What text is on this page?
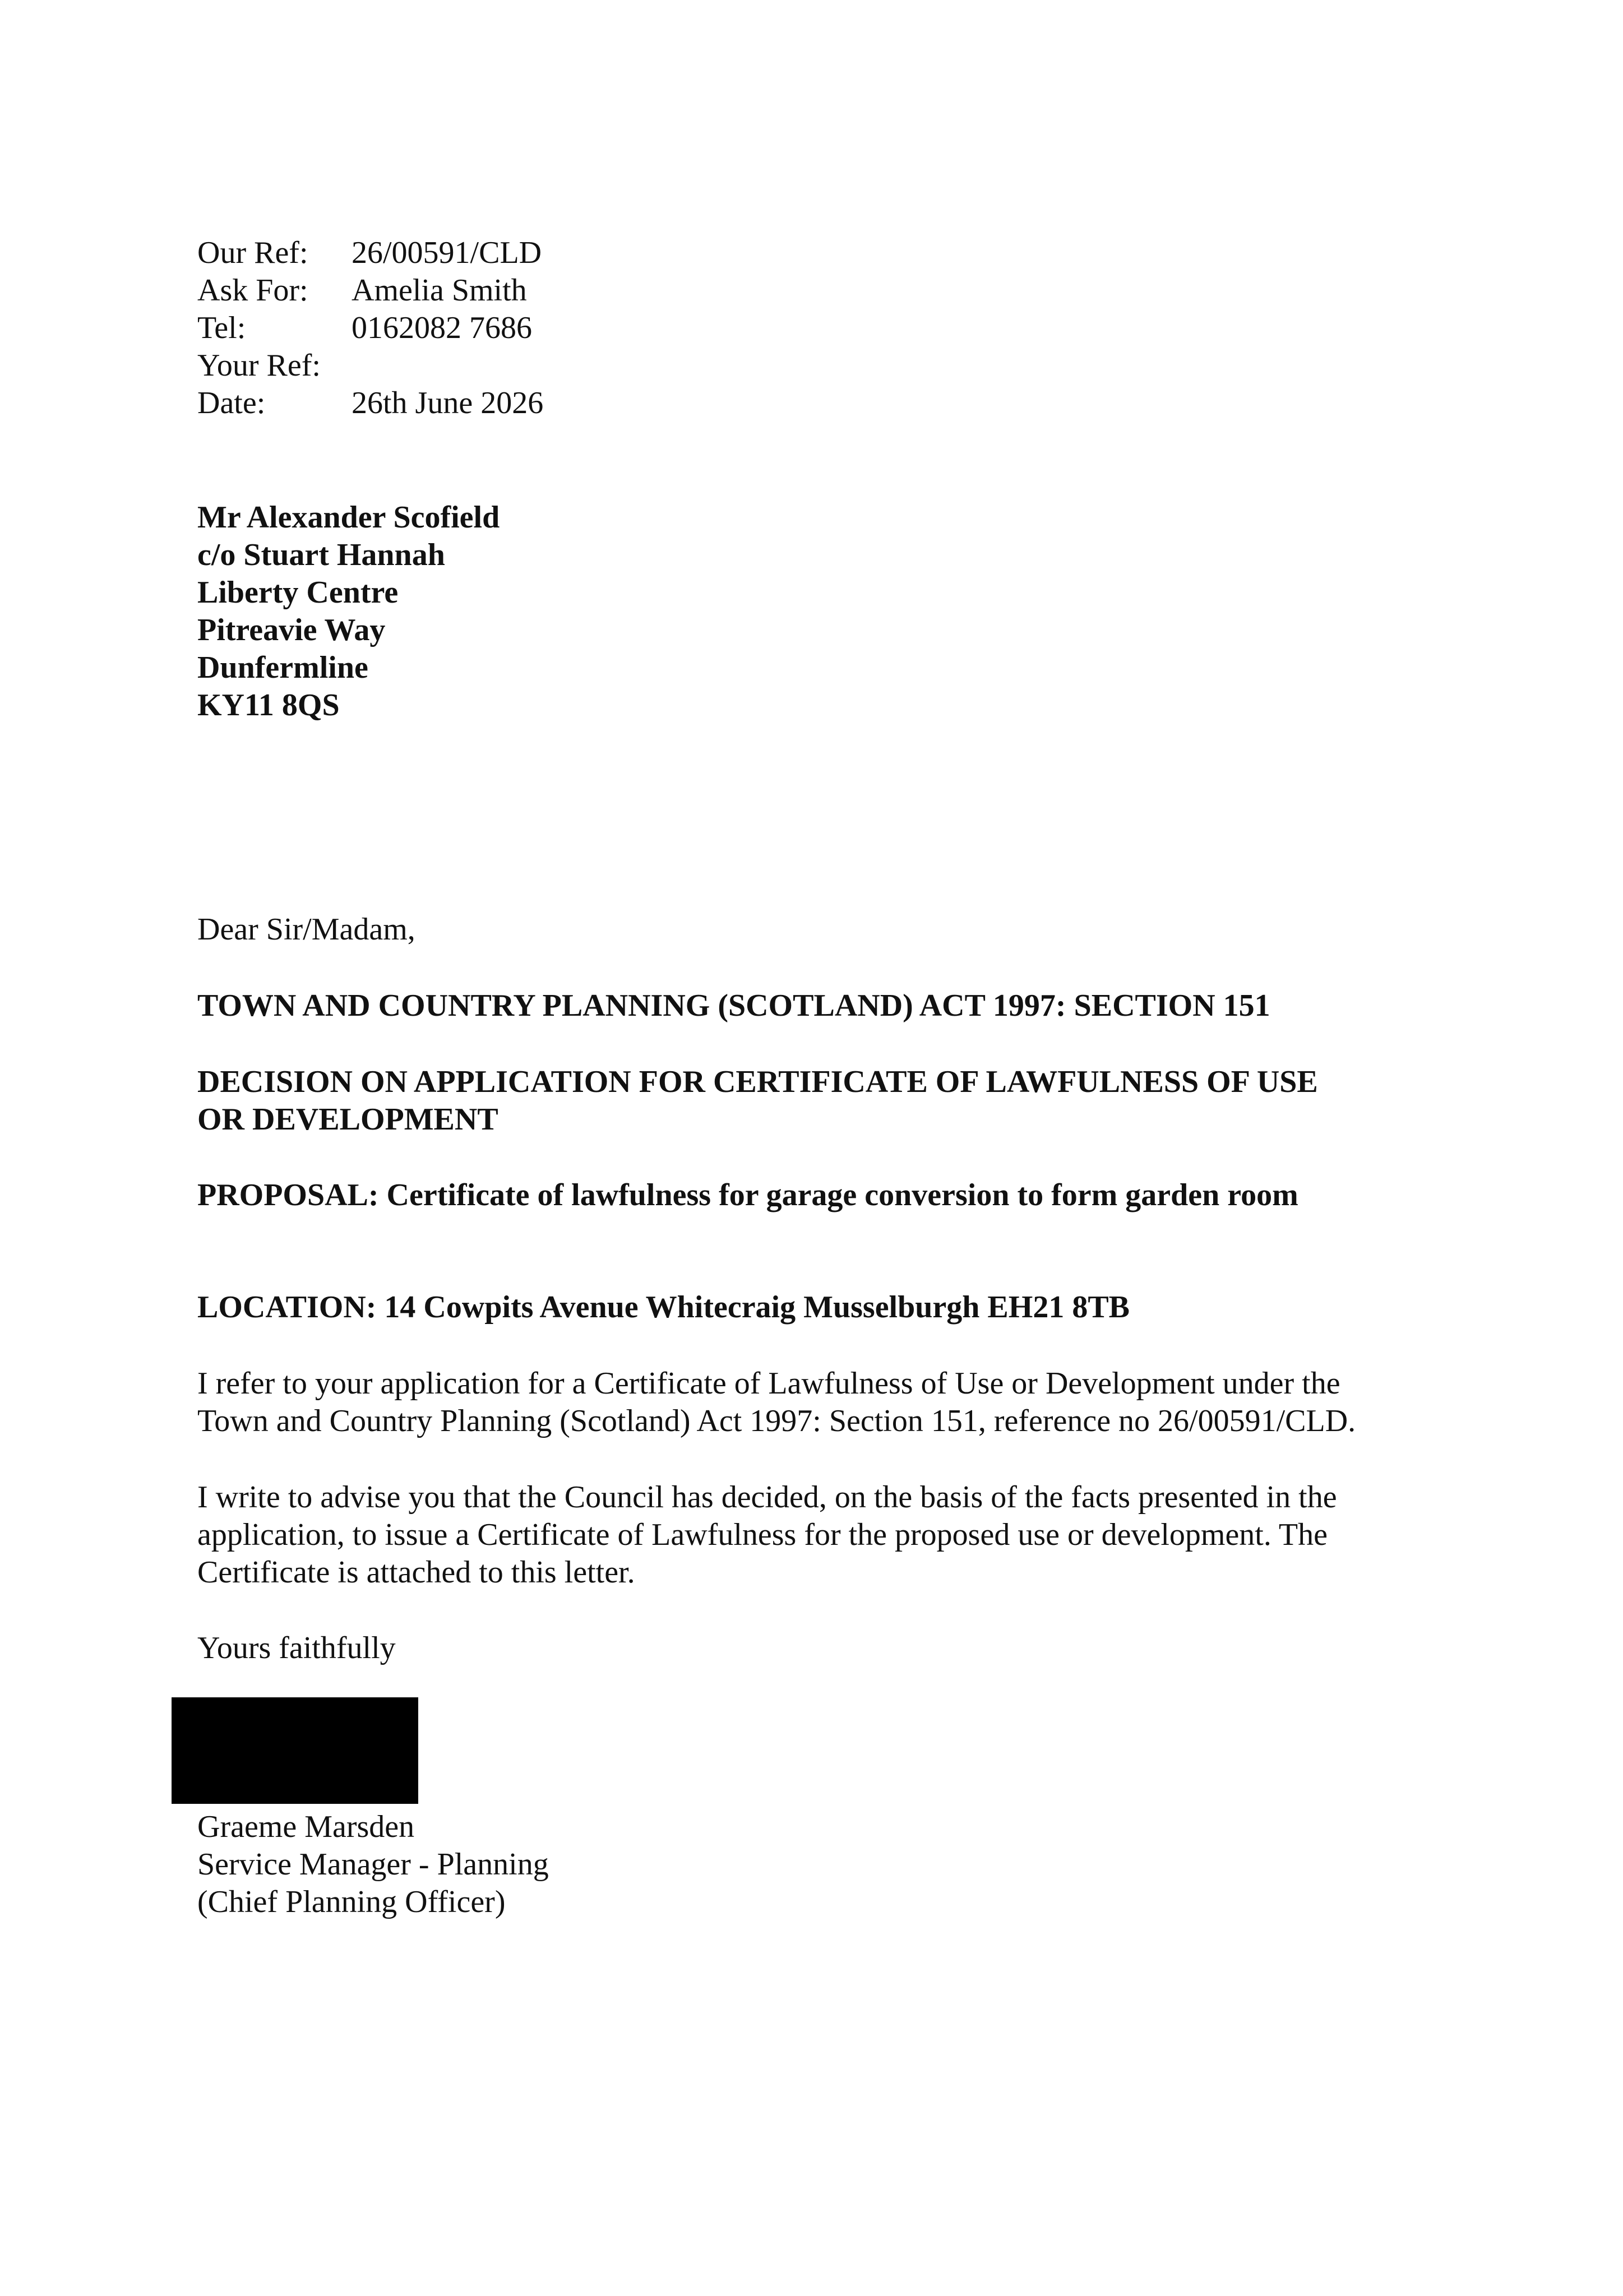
Our Ref:	26/00591/CLD
Ask For:	Amelia Smith
Tel:	0162082 7686
Your Ref:
Date:	26th June 2026
Mr Alexander Scofield
c/o Stuart Hannah
Liberty Centre
Pitreavie Way
Dunfermline
KY11 8QS
Dear Sir/Madam,
TOWN AND COUNTRY PLANNING (SCOTLAND) ACT 1997: SECTION 151
DECISION ON APPLICATION FOR CERTIFICATE OF LAWFULNESS OF USE
OR DEVELOPMENT
PROPOSAL: Certificate of lawfulness for garage conversion to form garden room
LOCATION: 14 Cowpits Avenue Whitecraig Musselburgh EH21 8TB
I refer to your application for a Certificate of Lawfulness of Use or Development under the
Town and Country Planning (Scotland) Act 1997: Section 151, reference no 26/00591/CLD.
I write to advise you that the Council has decided, on the basis of the facts presented in the
application, to issue a Certificate of Lawfulness for the proposed use or development. The
Certificate is attached to this letter.
Yours faithfully
Graeme Marsden
Service Manager - Planning
(Chief Planning Officer)
